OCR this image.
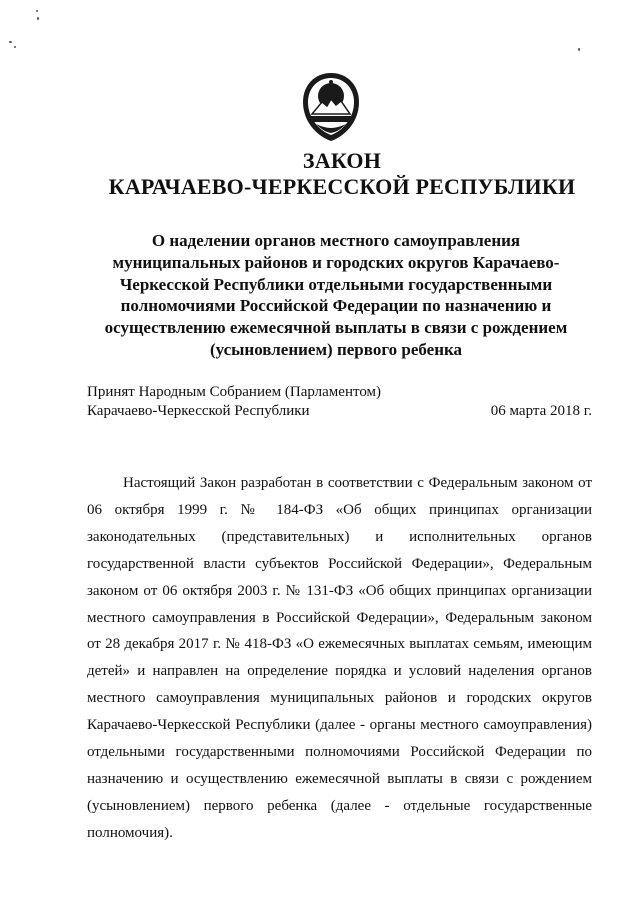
ЗАКОН
КАРАЧАЕВО-ЧЕРКЕССКОЙ РЕСПУБЛИКИ
О наделении органов местного самоуправления муниципальных районов и городских округов Карачаево-Черкесской Республики отдельными государственными полномочиями Российской Федерации по назначению и осуществлению ежемесячной выплаты в связи с рождением (усыновлением) первого ребенка
Принят Народным Собранием (Парламентом)
Карачаево-Черкесской Республики	06 марта 2018 г.

Настоящий Закон разработан в соответствии с Федеральным законом от 06 октября 1999 г. № 184-ФЗ «Об общих принципах организации законодательных (представительных) и исполнительных органов государственной власти субъектов Российской Федерации», Федеральным законом от 06 октября 2003 г. № 131-ФЗ «Об общих принципах организации местного самоуправления в Российской Федерации», Федеральным законом от 28 декабря 2017 г. № 418-ФЗ «О ежемесячных выплатах семьям, имеющим детей» и направлен на определение порядка и условий наделения органов местного самоуправления муниципальных районов и городских округов Карачаево-Черкесской Республики (далее - органы местного самоуправления) отдельными государственными полномочиями Российской Федерации по назначению и осуществлению ежемесячной выплаты в связи с рождением (усыновлением) первого ребенка (далее - отдельные государственные полномочия).
